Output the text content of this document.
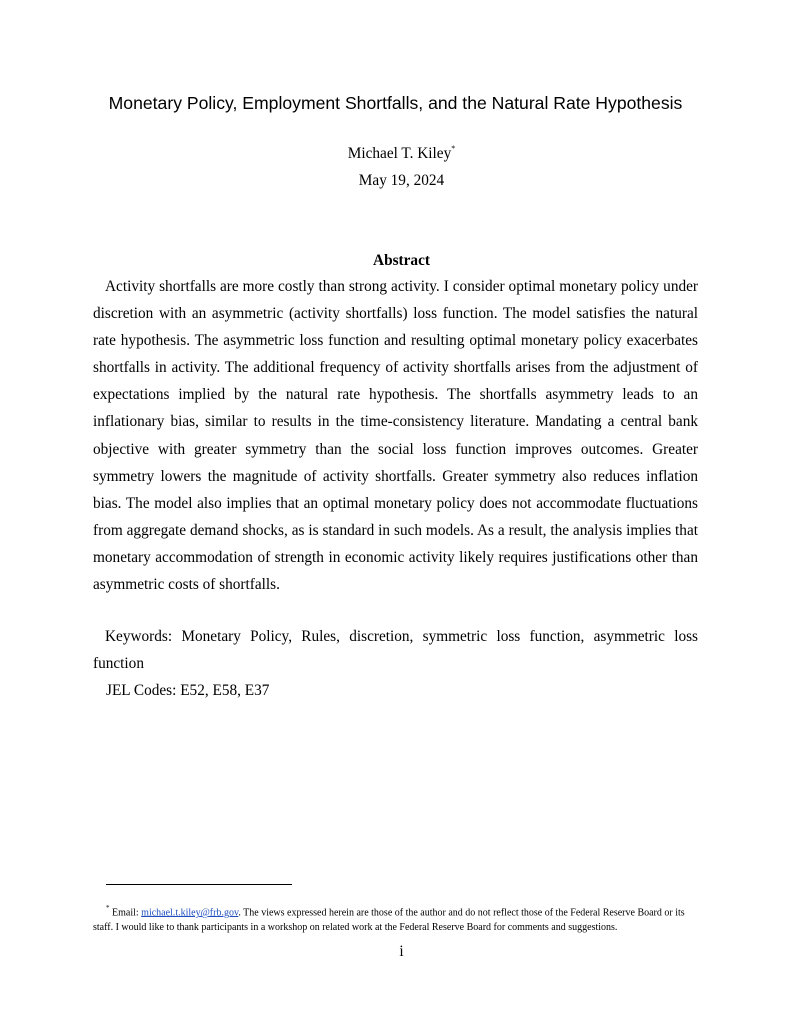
Monetary Policy, Employment Shortfalls, and the Natural Rate Hypothesis
Michael T. Kiley*
May 19, 2024
Abstract
Activity shortfalls are more costly than strong activity. I consider optimal monetary policy under discretion with an asymmetric (activity shortfalls) loss function. The model satisfies the natural rate hypothesis. The asymmetric loss function and resulting optimal monetary policy exacerbates shortfalls in activity. The additional frequency of activity shortfalls arises from the adjustment of expectations implied by the natural rate hypothesis. The shortfalls asymmetry leads to an inflationary bias, similar to results in the time-consistency literature. Mandating a central bank objective with greater symmetry than the social loss function improves outcomes. Greater symmetry lowers the magnitude of activity shortfalls. Greater symmetry also reduces inflation bias. The model also implies that an optimal monetary policy does not accommodate fluctuations from aggregate demand shocks, as is standard in such models. As a result, the analysis implies that monetary accommodation of strength in economic activity likely requires justifications other than asymmetric costs of shortfalls.
Keywords: Monetary Policy, Rules, discretion, symmetric loss function, asymmetric loss function
JEL Codes: E52, E58, E37
* Email: michael.t.kiley@frb.gov. The views expressed herein are those of the author and do not reflect those of the Federal Reserve Board or its staff. I would like to thank participants in a workshop on related work at the Federal Reserve Board for comments and suggestions.
i
